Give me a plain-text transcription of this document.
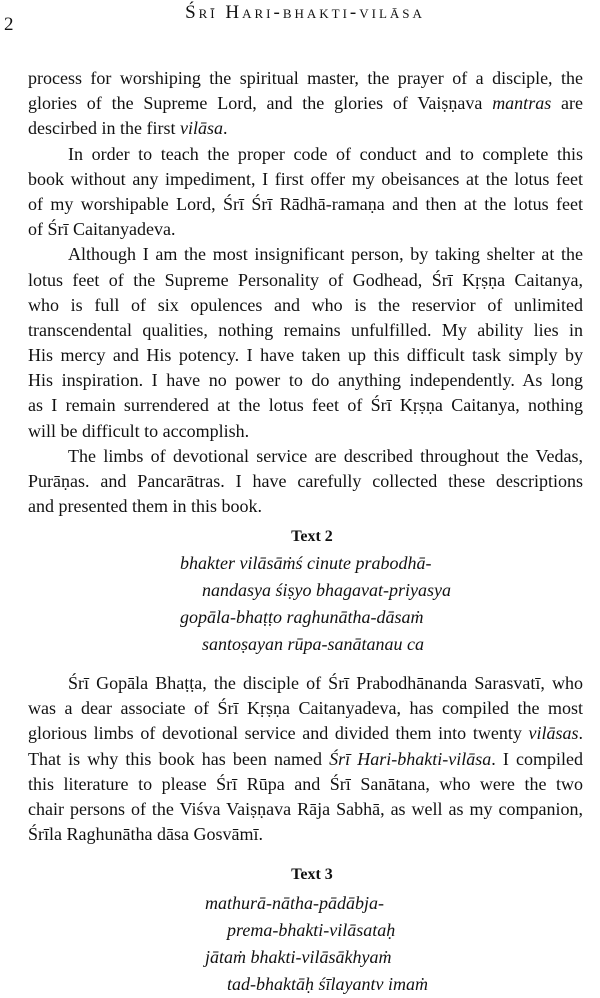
2
Śrī Hari-bhakti-vilāsa
process for worshiping the spiritual master, the prayer of a disciple, the
glories of the Supreme Lord, and the glories of Vaiṣṇava mantras are
descirbed in the first vilāsa.
In order to teach the proper code of conduct and to complete this
book without any impediment, I first offer my obeisances at the lotus feet
of my worshipable Lord, Śrī Śrī Rādhā-ramaṇa and then at the lotus feet
of Śrī Caitanyadeva.
Although I am the most insignificant person, by taking shelter at the
lotus feet of the Supreme Personality of Godhead, Śrī Kṛṣṇa Caitanya,
who is full of six opulences and who is the reservior of unlimited
transcendental qualities, nothing remains unfulfilled. My ability lies in
His mercy and His potency. I have taken up this difficult task simply by
His inspiration. I have no power to do anything independently. As long
as I remain surrendered at the lotus feet of Śrī Kṛṣṇa Caitanya, nothing
will be difficult to accomplish.
The limbs of devotional service are described throughout the Vedas,
Purāṇas. and Pancarātras. I have carefully collected these descriptions
and presented them in this book.
Text 2
bhakter vilāsāṁś cinute prabodhā-
nandasya śiṣyo bhagavat-priyasya
gopāla-bhaṭṭo raghunātha-dāsaṁ
santoṣayan rūpa-sanātanau ca
Śrī Gopāla Bhaṭṭa, the disciple of Śrī Prabodhānanda Sarasvatī, who
was a dear associate of Śrī Kṛṣṇa Caitanyadeva, has compiled the most
glorious limbs of devotional service and divided them into twenty vilāsas.
That is why this book has been named Śrī Hari-bhakti-vilāsa. I compiled
this literature to please Śrī Rūpa and Śrī Sanātana, who were the two
chair persons of the Viśva Vaiṣṇava Rāja Sabhā, as well as my companion,
Śrīla Raghunātha dāsa Gosvāmī.
Text 3
mathurā-nātha-pādābja-
prema-bhakti-vilāsataḥ
jātaṁ bhakti-vilāsākhyaṁ
tad-bhaktāḥ śīlayantv imaṁ
